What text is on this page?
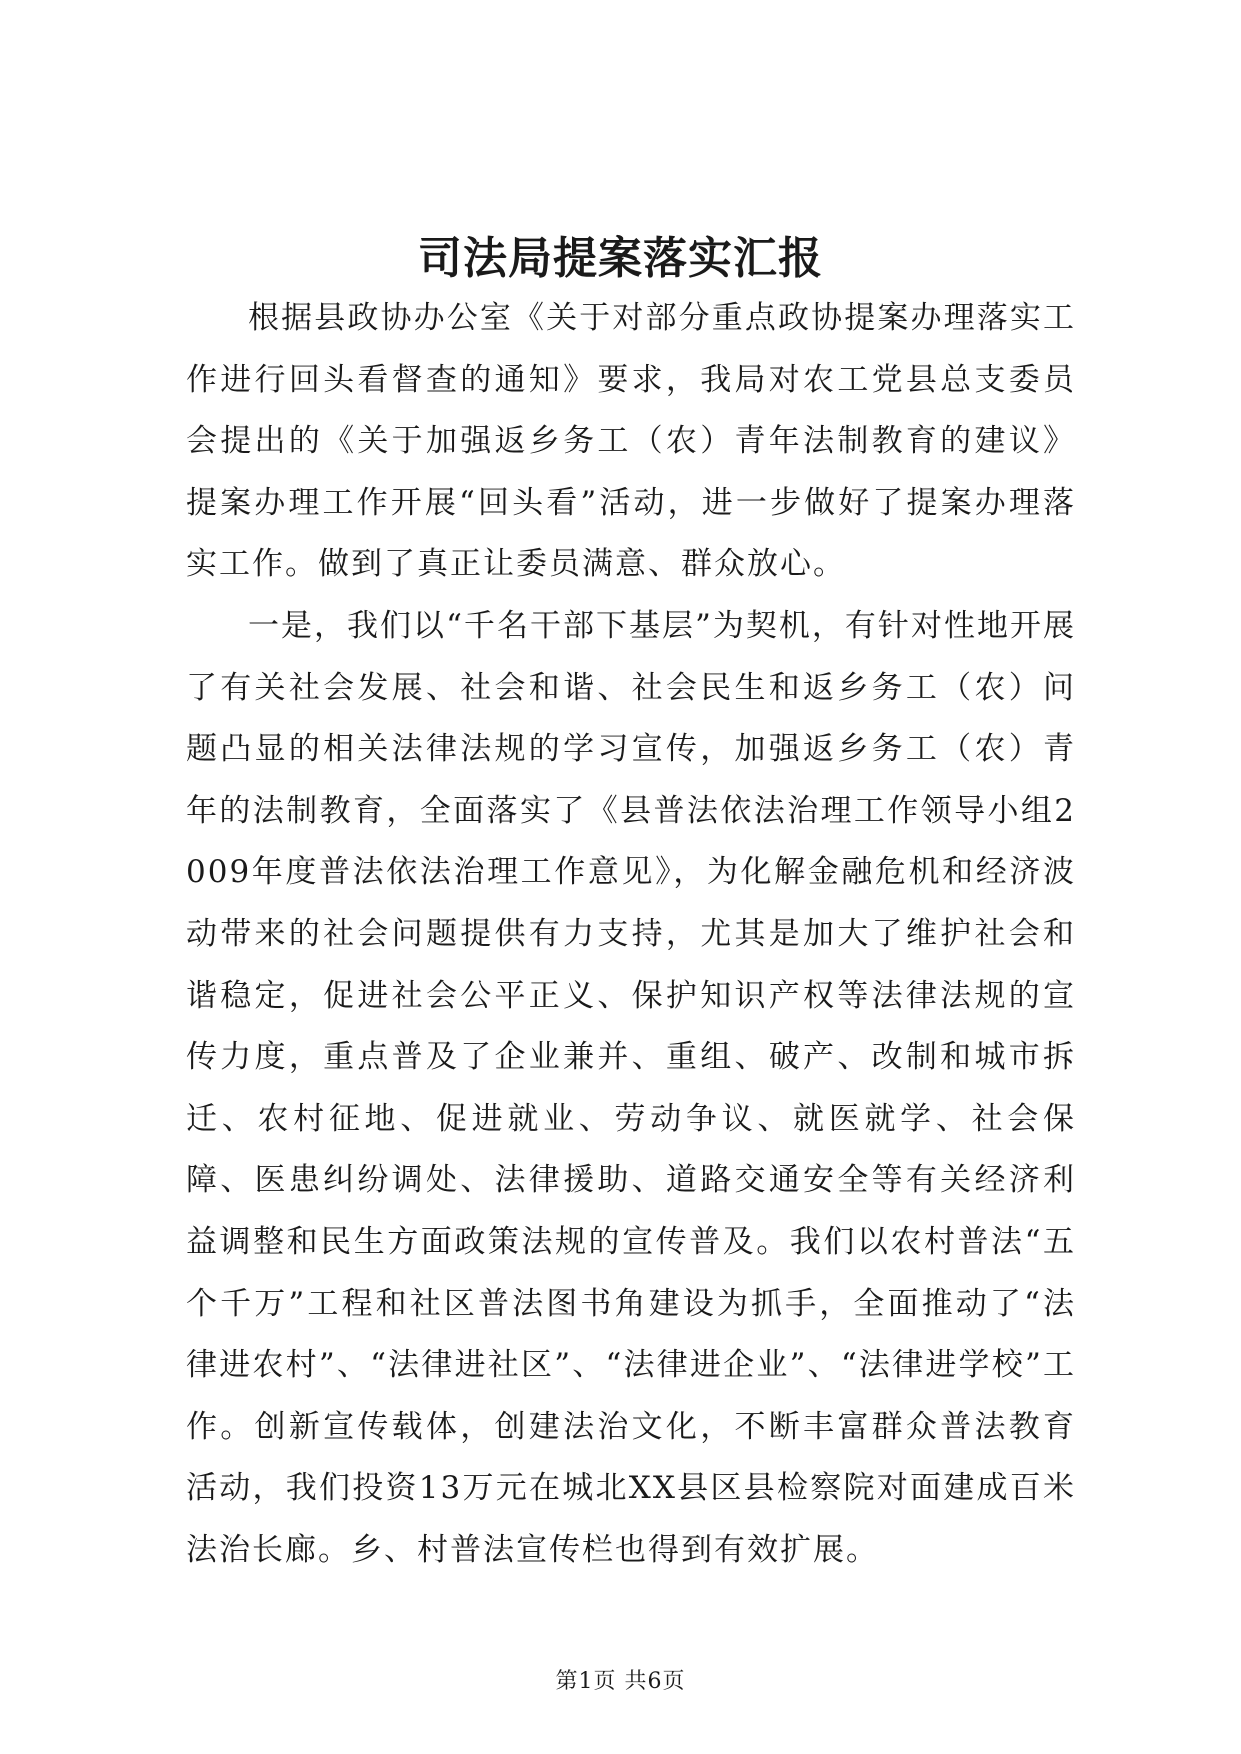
司法局提案落实汇报

根据县政协办公室《关于对部分重点政协提案办理落实工作进行回头看督查的通知》要求，我局对农工党县总支委员会提出的《关于加强返乡务工（农）青年法制教育的建议》提案办理工作开展“回头看”活动，进一步做好了提案办理落实工作。做到了真正让委员满意、群众放心。

一是，我们以“千名干部下基层”为契机，有针对性地开展了有关社会发展、社会和谐、社会民生和返乡务工（农）问题凸显的相关法律法规的学习宣传，加强返乡务工（农）青年的法制教育，全面落实了《县普法依法治理工作领导小组2009年度普法依法治理工作意见》，为化解金融危机和经济波动带来的社会问题提供有力支持，尤其是加大了维护社会和谐稳定，促进社会公平正义、保护知识产权等法律法规的宣传力度，重点普及了企业兼并、重组、破产、改制和城市拆迁、农村征地、促进就业、劳动争议、就医就学、社会保障、医患纠纷调处、法律援助、道路交通安全等有关经济利益调整和民生方面政策法规的宣传普及。我们以农村普法“五个千万”工程和社区普法图书角建设为抓手，全面推动了“法律进农村”、“法律进社区”、“法律进企业”、“法律进学校”工作。创新宣传载体，创建法治文化，不断丰富群众普法教育活动，我们投资13万元在城北XX县区县检察院对面建成百米法治长廊。乡、村普法宣传栏也得到有效扩展。

第1页 共6页
